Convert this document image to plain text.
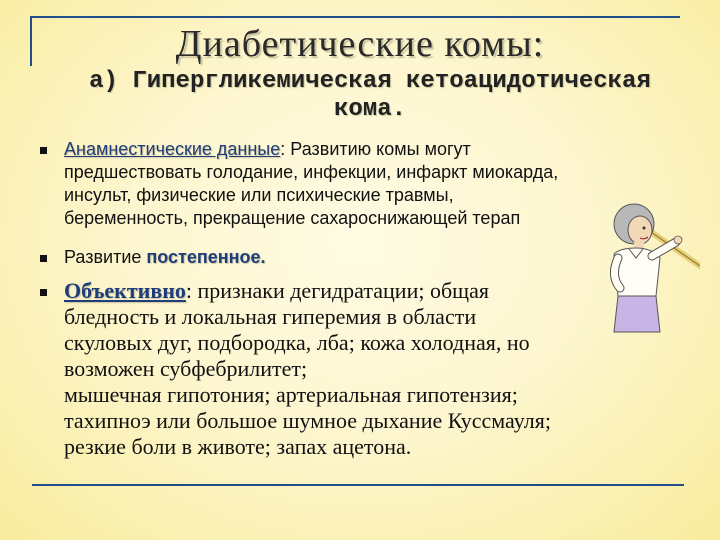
Диабетические комы:
а) Гипергликемическая кетоацидотическая
кома.
Анамнестические данные: Развитию комы могут
предшествовать голодание, инфекции, инфаркт миокарда,
инсульт, физические или психические травмы,
беременность, прекращение сахароснижающей терап
Развитие постепенное.
Объективно: признаки дегидратации; общая
бледность и локальная гиперемия в области
скуловых дуг, подбородка, лба; кожа холодная, но
возможен субфебрилитет;
мышечная гипотония; артериальная гипотензия;
тахипноэ или большое шумное дыхание Куссмауля;
резкие боли в животе; запах ацетона.
